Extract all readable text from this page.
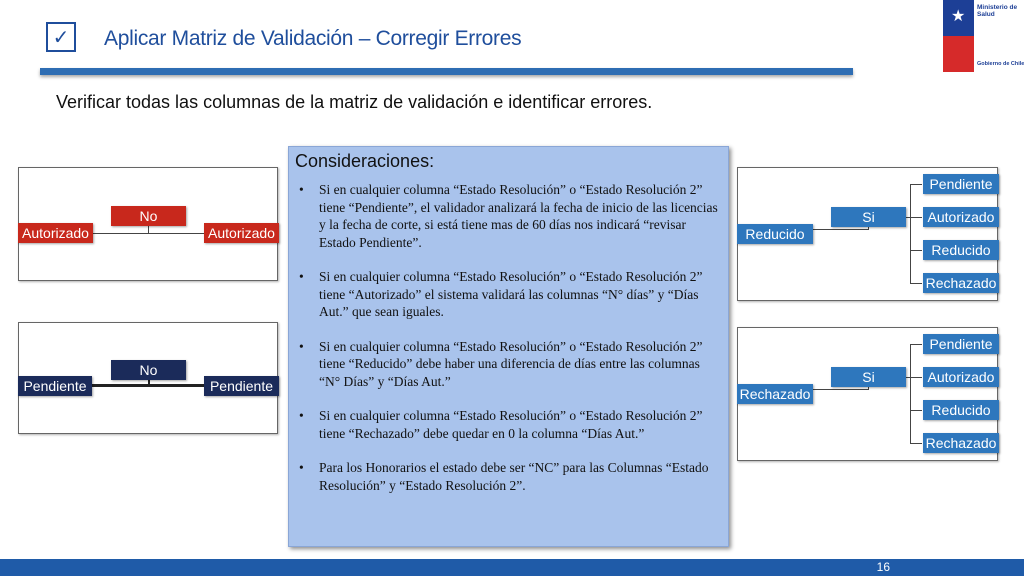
✓	Aplicar Matriz de Validación – Corregir Errores
Verificar todas las columnas de la matriz de validación e identificar errores.
★
Ministerio de
Salud
Gobierno de Chile
Autorizado
No
Autorizado
Pendiente
No
Pendiente
Reducido
Si
Pendiente
Autorizado
Reducido
Rechazado
Rechazado
Si
Pendiente
Autorizado
Reducido
Rechazado
Consideraciones:
• Si en cualquier columna “Estado Resolución” o “Estado Resolución 2” tiene “Pendiente”, el validador analizará la fecha de inicio de las licencias y la fecha de corte, si está tiene mas de 60 días nos indicará “revisar Estado Pendiente”.
• Si en cualquier columna “Estado Resolución” o “Estado Resolución 2” tiene “Autorizado” el sistema validará las columnas “N° días” y “Días Aut.” que sean iguales.
• Si en cualquier columna “Estado Resolución” o “Estado Resolución 2” tiene “Reducido” debe haber una diferencia de días entre las columnas “N° Días” y “Días Aut.”
• Si en cualquier columna “Estado Resolución” o “Estado Resolución 2” tiene “Rechazado” debe quedar en 0 la columna “Días Aut.”
• Para los Honorarios el estado debe ser “NC” para las Columnas “Estado Resolución” y “Estado Resolución 2”.
16
